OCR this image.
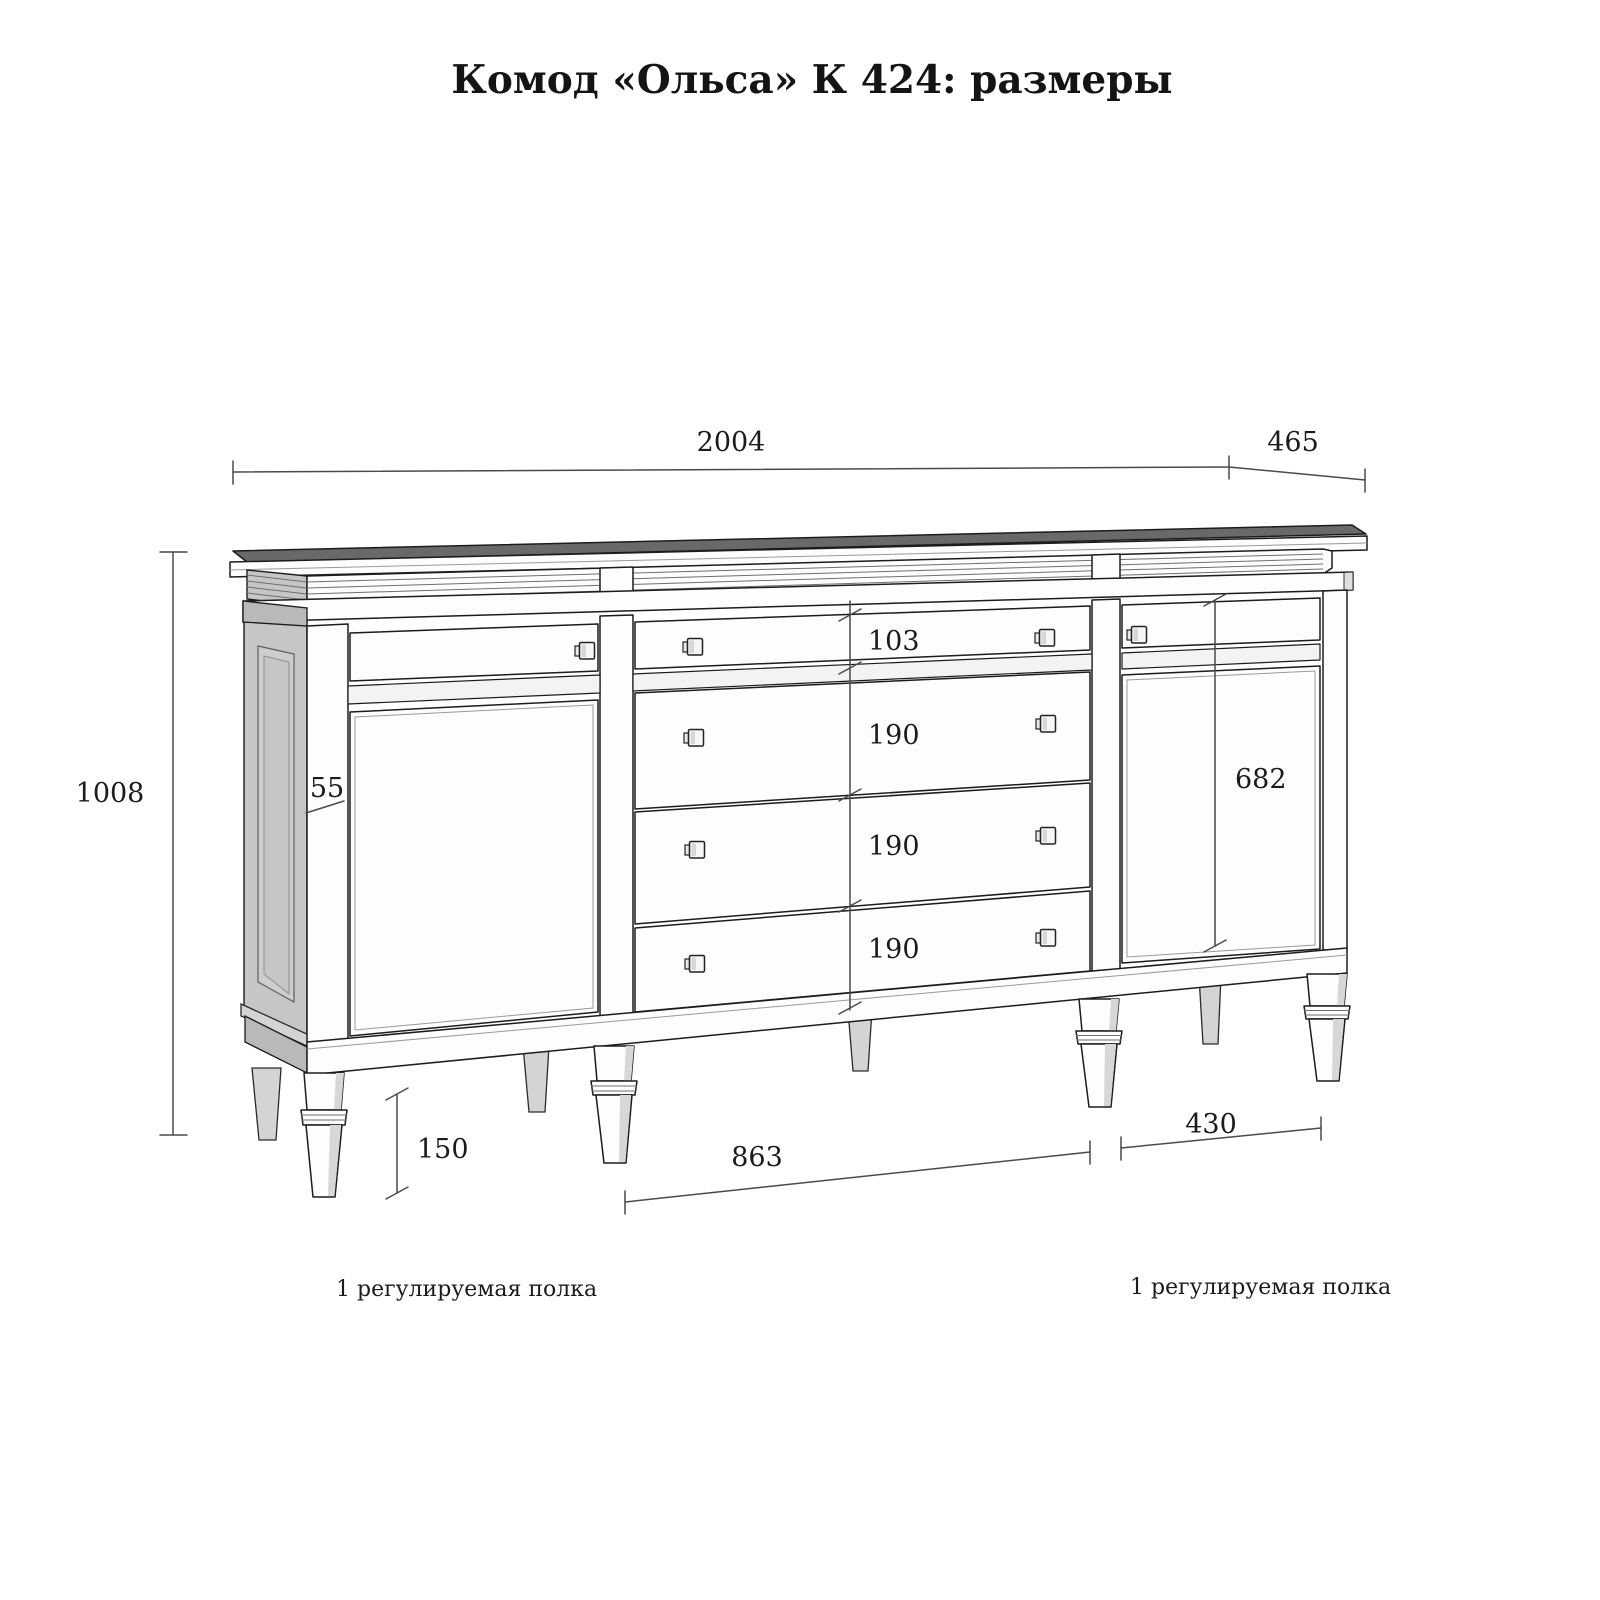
Комод «Ольса» К 424: размеры
2004	465
1008	55
103
190
190
190
682
150	863
430
1 регулируемая полка	1 регулируемая полка
